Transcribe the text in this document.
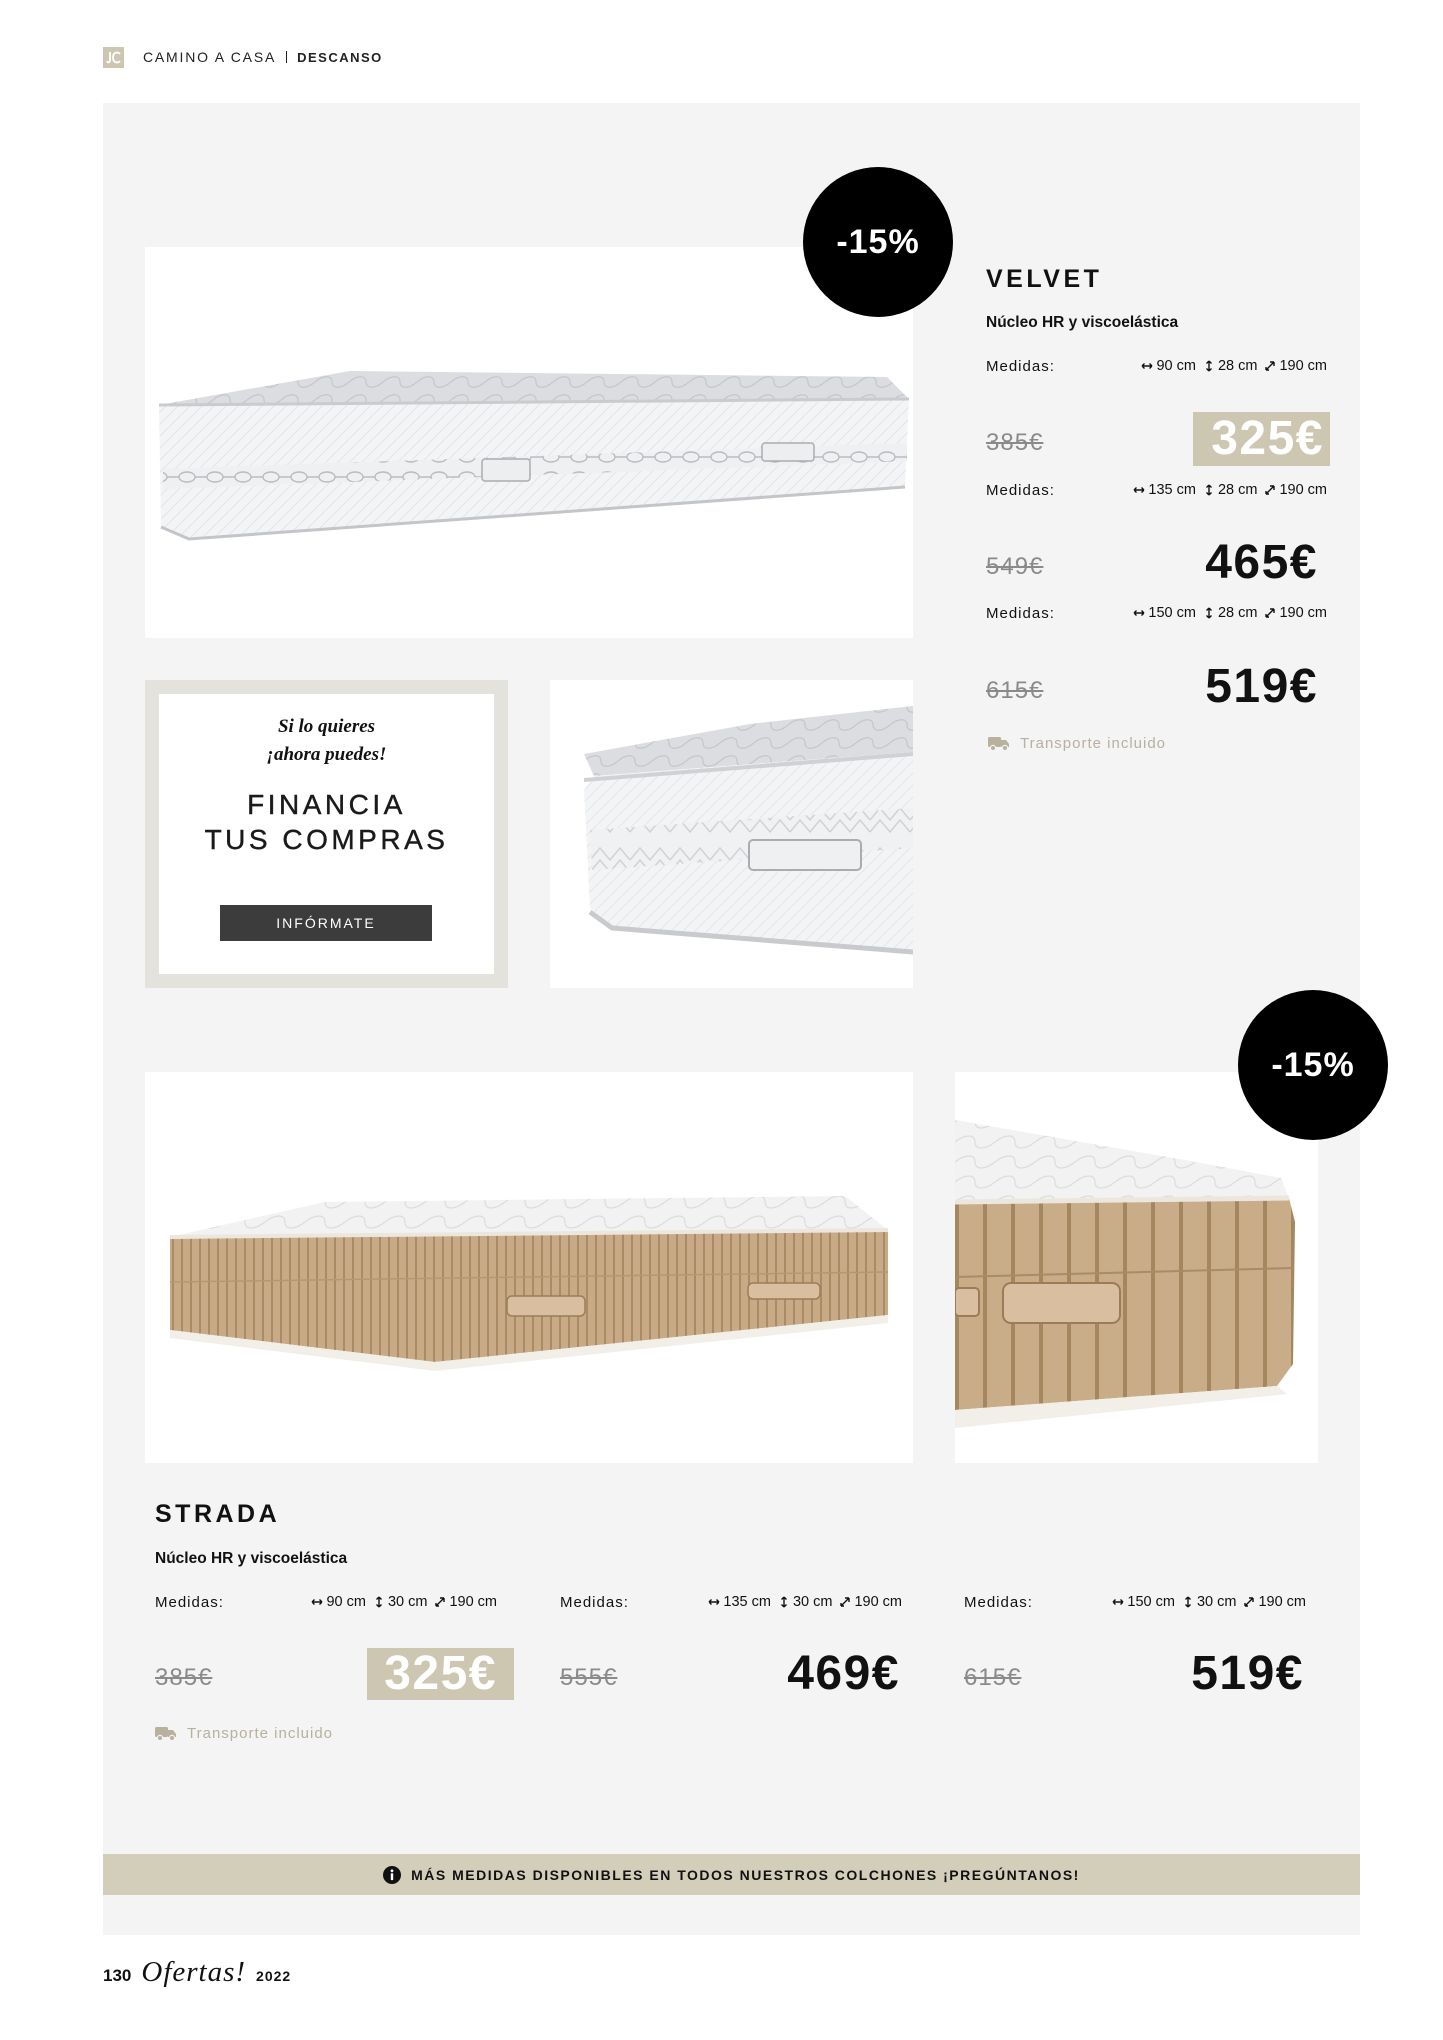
CAMINO A CASA DESCANSO
-15%
VELVET
Núcleo HR y viscoelástica
Medidas:	90 cm 28 cm 190 cm
385€	325€
Medidas:	135 cm 28 cm 190 cm
549€	465€
Medidas:	150 cm 28 cm 190 cm
615€	519€
Transporte incluido
Si lo quieres
¡ahora puedes!
FINANCIA
TUS COMPRAS
INFÓRMATE
-15%
STRADA
Núcleo HR y viscoelástica
Medidas:	90 cm 30 cm 190 cm	Medidas:	135 cm 30 cm 190 cm	Medidas:	150 cm 30 cm 190 cm
385€	325€	555€	469€	615€	519€
Transporte incluido
MÁS MEDIDAS DISPONIBLES EN TODOS NUESTROS COLCHONES ¡PREGÚNTANOS!
130 Ofertas! 2022
